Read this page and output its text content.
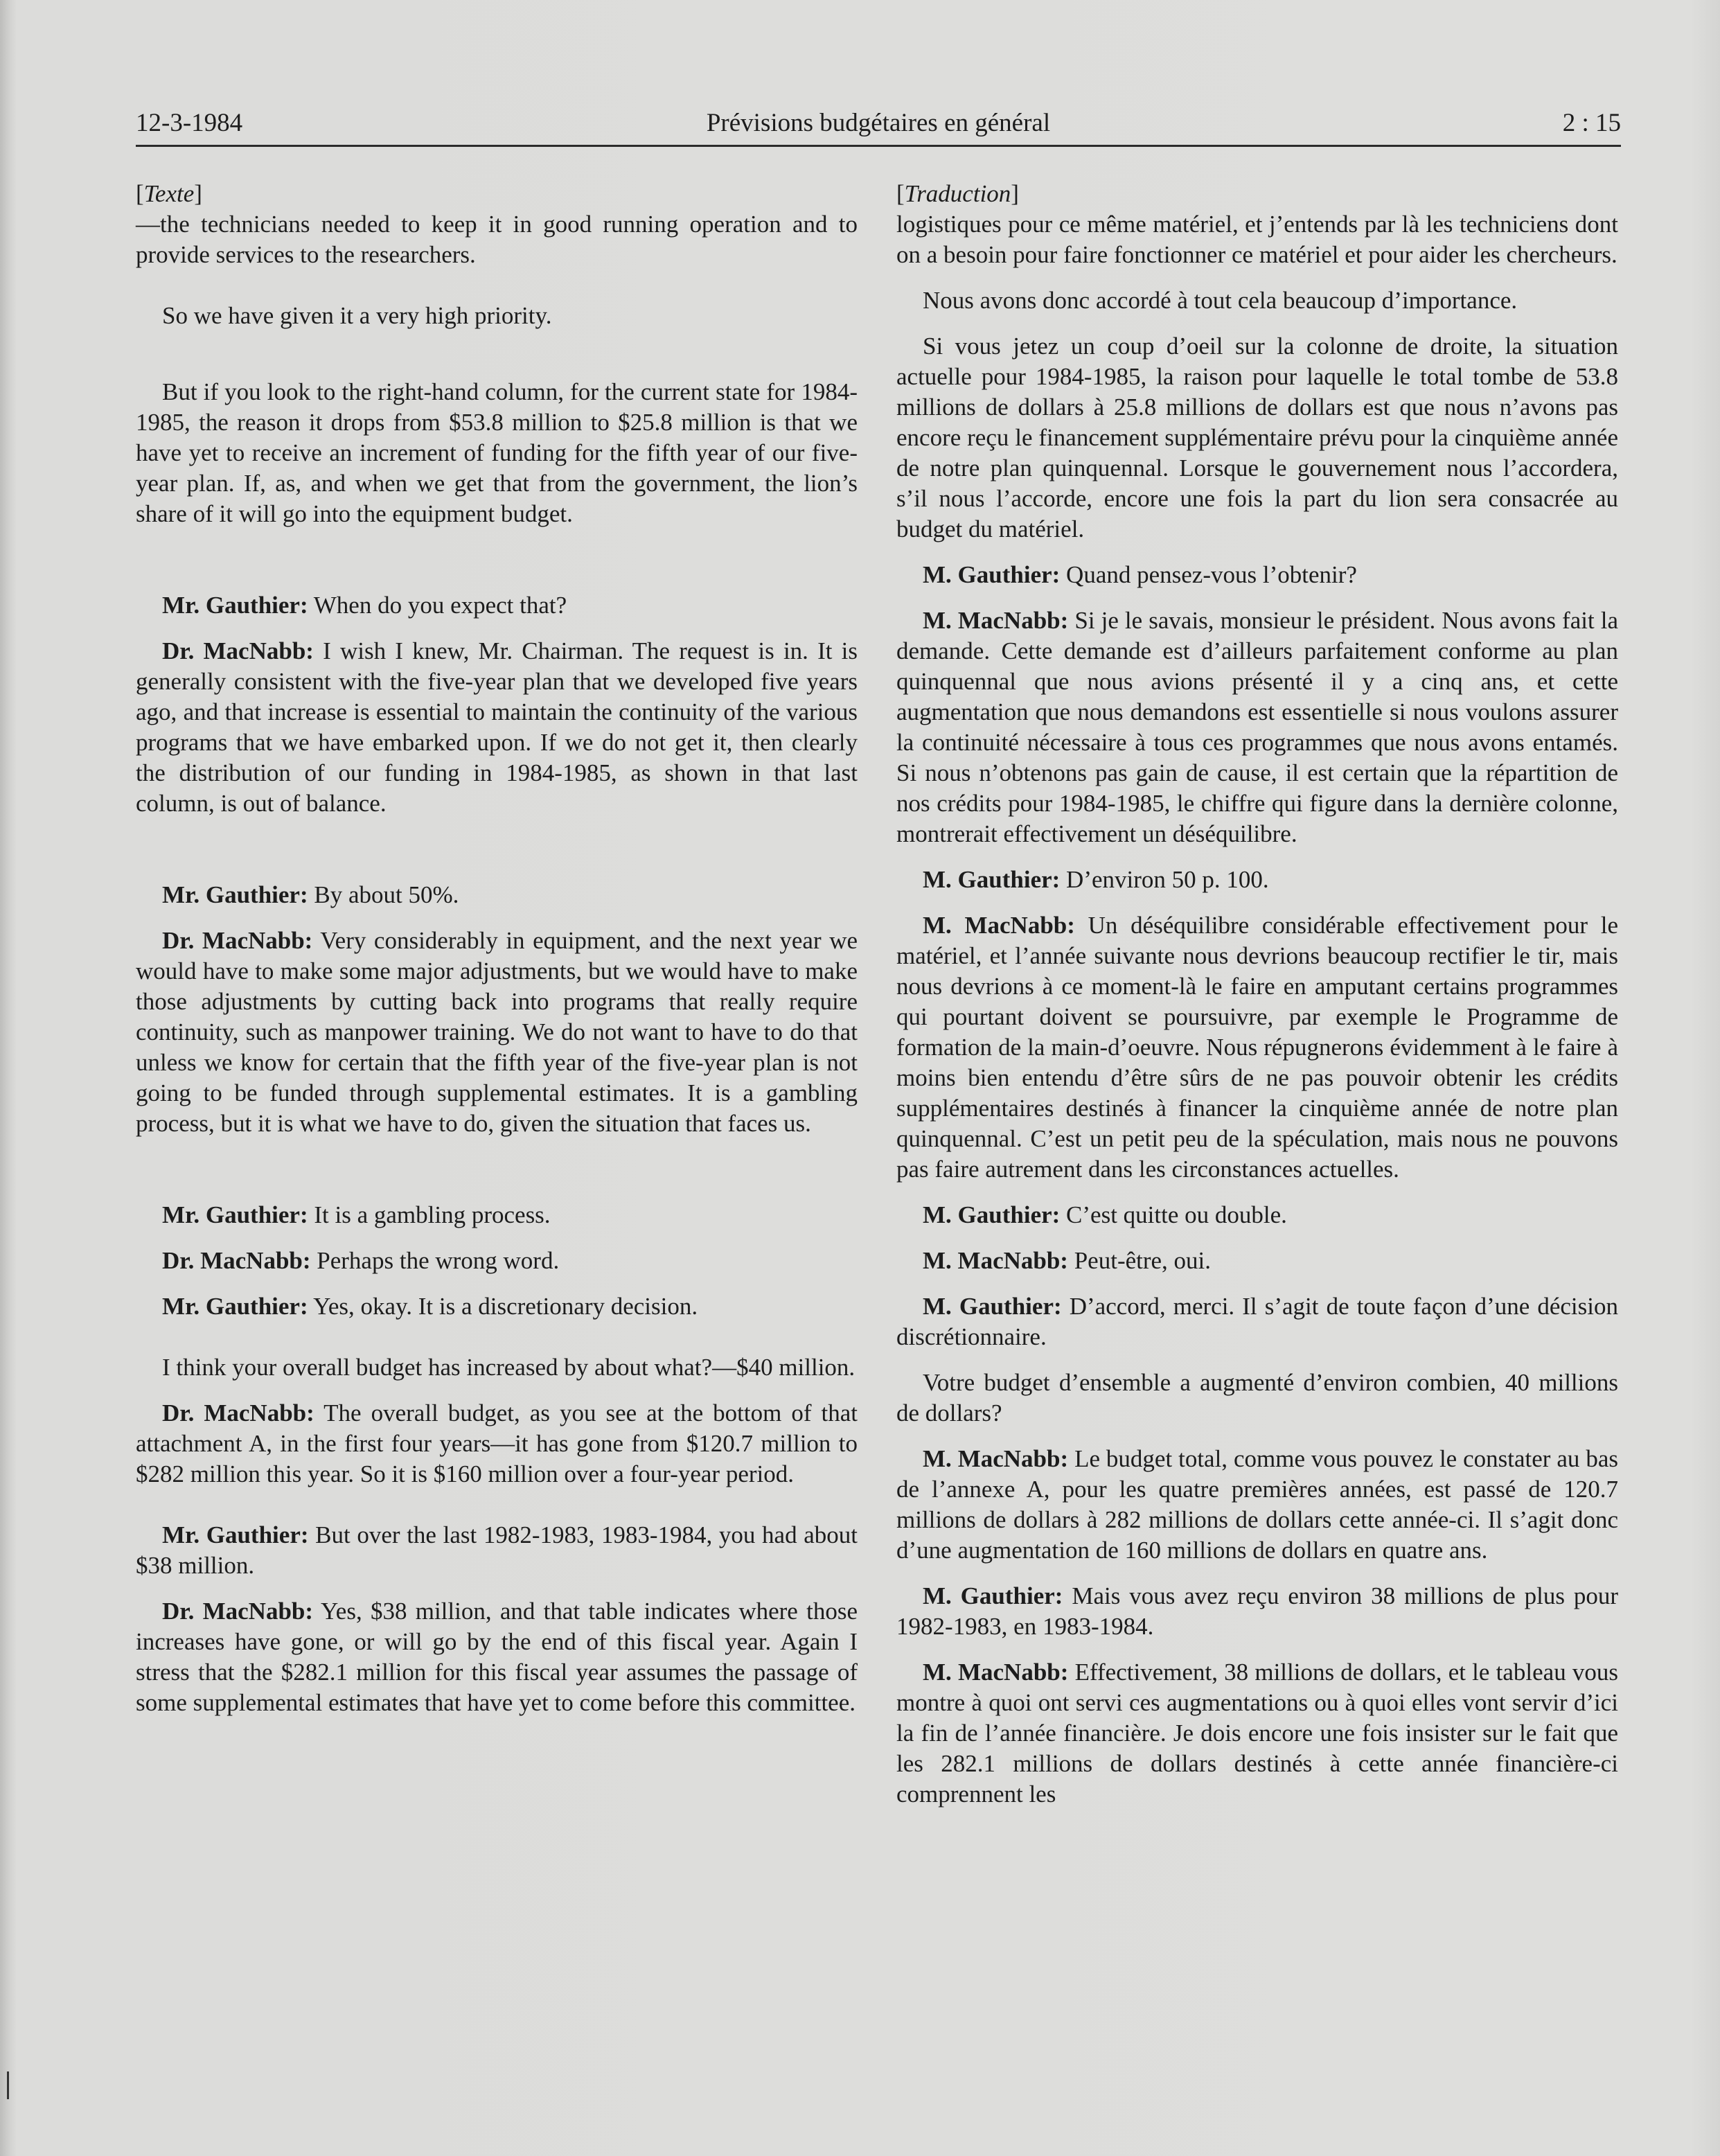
12-3-1984	Prévisions budgétaires en général	2 : 15

[Texte]

—the technicians needed to keep it in good running operation and to provide services to the researchers.

So we have given it a very high priority.

But if you look to the right-hand column, for the current state for 1984-1985, the reason it drops from $53.8 million to $25.8 million is that we have yet to receive an increment of funding for the fifth year of our five-year plan. If, as, and when we get that from the government, the lion’s share of it will go into the equipment budget.

Mr. Gauthier: When do you expect that?

Dr. MacNabb: I wish I knew, Mr. Chairman. The request is in. It is generally consistent with the five-year plan that we developed five years ago, and that increase is essential to maintain the continuity of the various programs that we have embarked upon. If we do not get it, then clearly the distribution of our funding in 1984-1985, as shown in that last column, is out of balance.

Mr. Gauthier: By about 50%.

Dr. MacNabb: Very considerably in equipment, and the next year we would have to make some major adjustments, but we would have to make those adjustments by cutting back into programs that really require continuity, such as manpower training. We do not want to have to do that unless we know for certain that the fifth year of the five-year plan is not going to be funded through supplemental estimates. It is a gambling process, but it is what we have to do, given the situation that faces us.

Mr. Gauthier: It is a gambling process.

Dr. MacNabb: Perhaps the wrong word.

Mr. Gauthier: Yes, okay. It is a discretionary decision.

I think your overall budget has increased by about what?—$40 million.

Dr. MacNabb: The overall budget, as you see at the bottom of that attachment A, in the first four years—it has gone from $120.7 million to $282 million this year. So it is $160 million over a four-year period.

Mr. Gauthier: But over the last 1982-1983, 1983-1984, you had about $38 million.

Dr. MacNabb: Yes, $38 million, and that table indicates where those increases have gone, or will go by the end of this fiscal year. Again I stress that the $282.1 million for this fiscal year assumes the passage of some supplemental estimates that have yet to come before this committee.

[Traduction]

logistiques pour ce même matériel, et j’entends par là les techniciens dont on a besoin pour faire fonctionner ce matériel et pour aider les chercheurs.

Nous avons donc accordé à tout cela beaucoup d’importance.

Si vous jetez un coup d’oeil sur la colonne de droite, la situation actuelle pour 1984-1985, la raison pour laquelle le total tombe de 53.8 millions de dollars à 25.8 millions de dollars est que nous n’avons pas encore reçu le financement supplémentaire prévu pour la cinquième année de notre plan quinquennal. Lorsque le gouvernement nous l’accordera, s’il nous l’accorde, encore une fois la part du lion sera consacrée au budget du matériel.

M. Gauthier: Quand pensez-vous l’obtenir?

M. MacNabb: Si je le savais, monsieur le président. Nous avons fait la demande. Cette demande est d’ailleurs parfaitement conforme au plan quinquennal que nous avions présenté il y a cinq ans, et cette augmentation que nous demandons est essentielle si nous voulons assurer la continuité nécessaire à tous ces programmes que nous avons entamés. Si nous n’obtenons pas gain de cause, il est certain que la répartition de nos crédits pour 1984-1985, le chiffre qui figure dans la dernière colonne, montrerait effectivement un déséquilibre.

M. Gauthier: D’environ 50 p. 100.

M. MacNabb: Un déséquilibre considérable effectivement pour le matériel, et l’année suivante nous devrions beaucoup rectifier le tir, mais nous devrions à ce moment-là le faire en amputant certains programmes qui pourtant doivent se poursuivre, par exemple le Programme de formation de la main-d’oeuvre. Nous répugnerons évidemment à le faire à moins bien entendu d’être sûrs de ne pas pouvoir obtenir les crédits supplémentaires destinés à financer la cinquième année de notre plan quinquennal. C’est un petit peu de la spéculation, mais nous ne pouvons pas faire autrement dans les circonstances actuelles.

M. Gauthier: C’est quitte ou double.

M. MacNabb: Peut-être, oui.

M. Gauthier: D’accord, merci. Il s’agit de toute façon d’une décision discrétionnaire.

Votre budget d’ensemble a augmenté d’environ combien, 40 millions de dollars?

M. MacNabb: Le budget total, comme vous pouvez le constater au bas de l’annexe A, pour les quatre premières années, est passé de 120.7 millions de dollars à 282 millions de dollars cette année-ci. Il s’agit donc d’une augmentation de 160 millions de dollars en quatre ans.

M. Gauthier: Mais vous avez reçu environ 38 millions de plus pour 1982-1983, en 1983-1984.

M. MacNabb: Effectivement, 38 millions de dollars, et le tableau vous montre à quoi ont servi ces augmentations ou à quoi elles vont servir d’ici la fin de l’année financière. Je dois encore une fois insister sur le fait que les 282.1 millions de dollars destinés à cette année financière-ci comprennent les
